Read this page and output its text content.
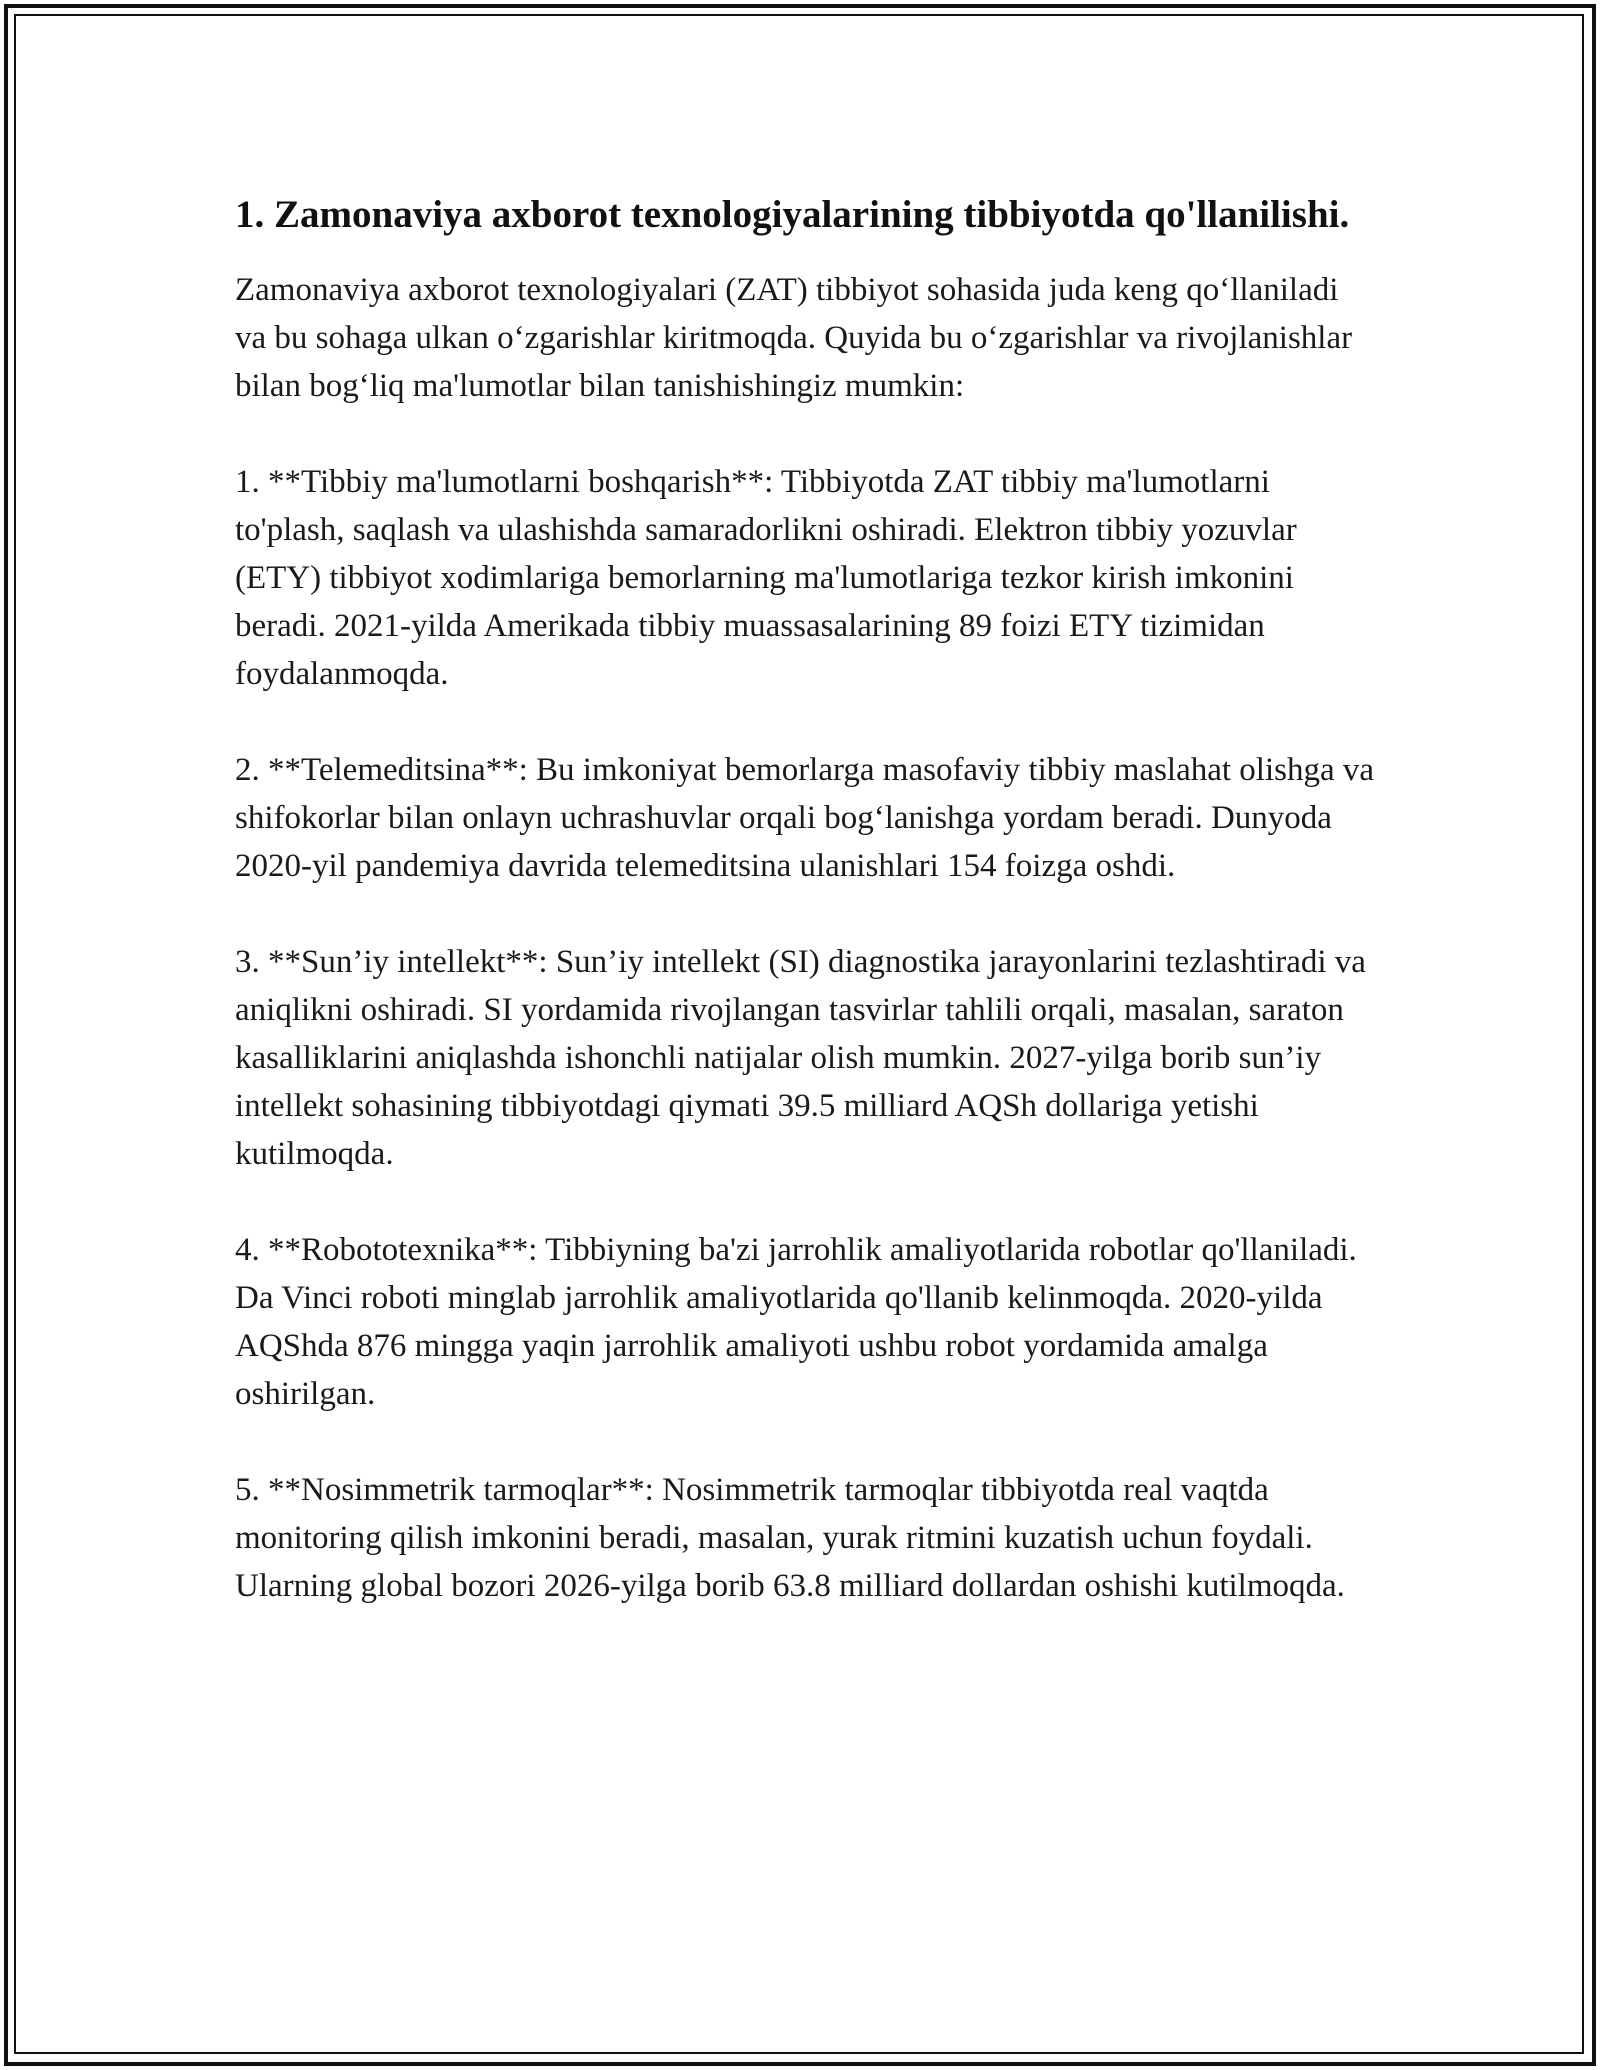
1. Zamonaviya axborot texnologiyalarining tibbiyotda qo'llanilishi.

Zamonaviya axborot texnologiyalari (ZAT) tibbiyot sohasida juda keng qo‘llaniladi va bu sohaga ulkan o‘zgarishlar kiritmoqda. Quyida bu o‘zgarishlar va rivojlanishlar bilan bog‘liq ma'lumotlar bilan tanishishingiz mumkin:

1. **Tibbiy ma'lumotlarni boshqarish**: Tibbiyotda ZAT tibbiy ma'lumotlarni to'plash, saqlash va ulashishda samaradorlikni oshiradi. Elektron tibbiy yozuvlar (ETY) tibbiyot xodimlariga bemorlarning ma'lumotlariga tezkor kirish imkonini beradi. 2021-yilda Amerikada tibbiy muassasalarining 89 foizi ETY tizimidan foydalanmoqda.

2. **Telemeditsina**: Bu imkoniyat bemorlarga masofaviy tibbiy maslahat olishga va shifokorlar bilan onlayn uchrashuvlar orqali bog‘lanishga yordam beradi. Dunyoda 2020-yil pandemiya davrida telemeditsina ulanishlari 154 foizga oshdi.

3. **Sun’iy intellekt**: Sun’iy intellekt (SI) diagnostika jarayonlarini tezlashtiradi va aniqlikni oshiradi. SI yordamida rivojlangan tasvirlar tahlili orqali, masalan, saraton kasalliklarini aniqlashda ishonchli natijalar olish mumkin. 2027-yilga borib sun’iy intellekt sohasining tibbiyotdagi qiymati 39.5 milliard AQSh dollariga yetishi kutilmoqda.

4. **Robototexnika**: Tibbiyning ba'zi jarrohlik amaliyotlarida robotlar qo'llaniladi. Da Vinci roboti minglab jarrohlik amaliyotlarida qo'llanib kelinmoqda. 2020-yilda AQShda 876 mingga yaqin jarrohlik amaliyoti ushbu robot yordamida amalga oshirilgan.

5. **Nosimmetrik tarmoqlar**: Nosimmetrik tarmoqlar tibbiyotda real vaqtda monitoring qilish imkonini beradi, masalan, yurak ritmini kuzatish uchun foydali. Ularning global bozori 2026-yilga borib 63.8 milliard dollardan oshishi kutilmoqda.
